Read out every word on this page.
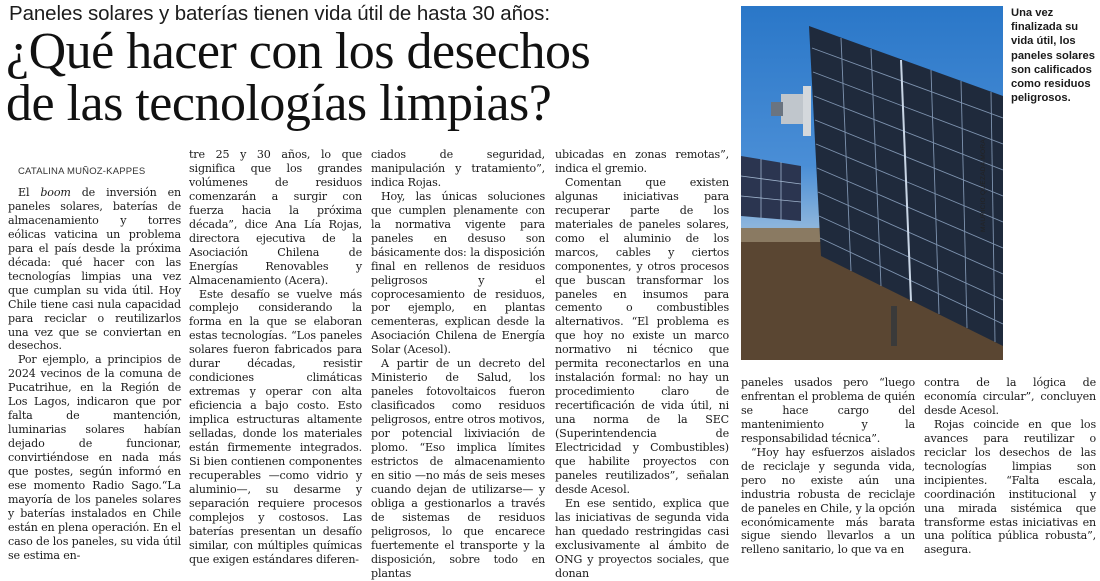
Paneles solares y baterías tienen vida útil de hasta 30 años:
¿Qué hacer con los desechos
de las tecnologías limpias?
CATALINA MUÑOZ-KAPPES

El boom de inversión en paneles solares, baterías de almacenamiento y torres eólicas vaticina un problema para el país desde la próxima década: qué hacer con las tecnologías limpias una vez que cumplan su vida útil. Hoy Chile tiene casi nula capacidad para reciclar o reutilizarlos una vez que se conviertan en desechos.

Por ejemplo, a principios de 2024 vecinos de la comuna de Pucatrihue, en la Región de Los Lagos, indicaron que por falta de mantención, luminarias solares habían dejado de funcionar, convirtiéndose en nada más que postes, según informó en ese momento Radio Sago.“La mayoría de los paneles solares y baterías instalados en Chile están en plena operación. En el caso de los paneles, su vida útil se estima en-

tre 25 y 30 años, lo que significa que los grandes volúmenes de residuos comenzarán a surgir con fuerza hacia la próxima década”, dice Ana Lía Rojas, directora ejecutiva de la Asociación Chilena de Energías Renovables y Almacenamiento (Acera).

Este desafío se vuelve más complejo considerando la forma en la que se elaboran estas tecnologías. “Los paneles solares fueron fabricados para durar décadas, resistir condiciones climáticas extremas y operar con alta eficiencia a bajo costo. Esto implica estructuras altamente selladas, donde los materiales están firmemente integrados. Si bien contienen componentes recuperables —como vidrio y aluminio—, su desarme y separación requiere procesos complejos y costosos. Las baterías presentan un desafío similar, con múltiples químicas que exigen estándares diferen-

ciados de seguridad, manipulación y tratamiento”, indica Rojas.

Hoy, las únicas soluciones que cumplen plenamente con la normativa vigente para paneles en desuso son básicamente dos: la disposición final en rellenos de residuos peligrosos y el coprocesamiento de residuos, por ejemplo, en plantas cementeras, explican desde la Asociación Chilena de Energía Solar (Acesol).

A partir de un decreto del Ministerio de Salud, los paneles fotovoltaicos fueron clasificados como residuos peligrosos, entre otros motivos, por potencial lixiviación de plomo. “Eso implica límites estrictos de almacenamiento en sitio —no más de seis meses cuando dejan de utilizarse— y obliga a gestionarlos a través de sistemas de residuos peligrosos, lo que encarece fuertemente el transporte y la disposición, sobre todo en plantas

ubicadas en zonas remotas”, indica el gremio.

Comentan que existen algunas iniciativas para recuperar parte de los materiales de paneles solares, como el aluminio de los marcos, cables y ciertos componentes, y otros procesos que buscan transformar los paneles en insumos para cemento o combustibles alternativos. “El problema es que hoy no existe un marco normativo ni técnico que permita reconectarlos en una instalación formal: no hay un procedimiento claro de recertificación de vida útil, ni una norma de la SEC (Superintendencia de Electricidad y Combustibles) que habilite proyectos con paneles reutilizados”, señalan desde Acesol.

En ese sentido, explica que las iniciativas de segunda vida han quedado restringidas casi exclusivamente al ámbito de ONG y proyectos sociales, que donan

MAURICIO QUEZADA MORA
Una vez finalizada su vida útil, los paneles solares son calificados como residuos peligrosos.

paneles usados pero “luego enfrentan el problema de quién se hace cargo del mantenimiento y la responsabilidad técnica”.

“Hoy hay esfuerzos aislados de reciclaje y segunda vida, pero no existe aún una industria robusta de reciclaje de paneles en Chile, y la opción económicamente más barata sigue siendo llevarlos a un relleno sanitario, lo que va en

contra de la lógica de economía circular”, concluyen desde Acesol.

Rojas coincide en que los avances para reutilizar o reciclar los desechos de las tecnologías limpias son incipientes. “Falta escala, coordinación institucional y una mirada sistémica que transforme estas iniciativas en una política pública robusta”, asegura.
